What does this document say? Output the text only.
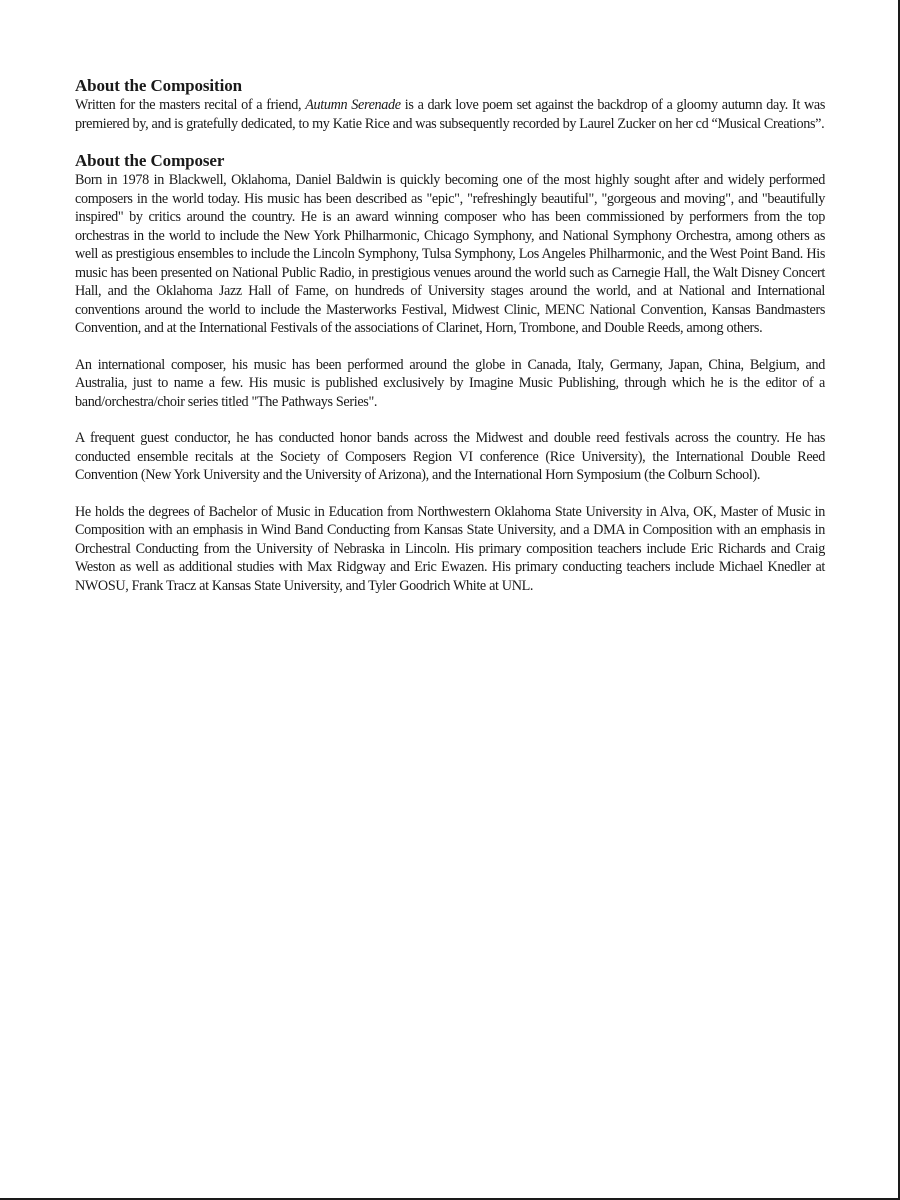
About the Composition

Written for the masters recital of a friend, Autumn Serenade is a dark love poem set against the backdrop of a gloomy autumn day. It was premiered by, and is gratefully dedicated, to my Katie Rice and was subsequently recorded by Laurel Zucker on her cd “Musical Creations”.

About the Composer

Born in 1978 in Blackwell, Oklahoma, Daniel Baldwin is quickly becoming one of the most highly sought after and widely performed composers in the world today. His music has been described as "epic", "refreshingly beautiful", "gorgeous and moving", and "beautifully inspired" by critics around the country. He is an award winning composer who has been commissioned by performers from the top orchestras in the world to include the New York Philharmonic, Chicago Symphony, and National Symphony Orchestra, among others as well as prestigious ensembles to include the Lincoln Symphony, Tulsa Symphony, Los Angeles Philharmonic, and the West Point Band. His music has been presented on National Public Radio, in prestigious venues around the world such as Carnegie Hall, the Walt Disney Concert Hall, and the Oklahoma Jazz Hall of Fame, on hundreds of University stages around the world, and at National and International conventions around the world to include the Masterworks Festival, Midwest Clinic, MENC National Convention, Kansas Bandmasters Convention, and at the International Festivals of the associations of Clarinet, Horn, Trombone, and Double Reeds, among others.

An international composer, his music has been performed around the globe in Canada, Italy, Germany, Japan, China, Belgium, and Australia, just to name a few. His music is published exclusively by Imagine Music Publishing, through which he is the editor of a band/orchestra/choir series titled "The Pathways Series".

A frequent guest conductor, he has conducted honor bands across the Midwest and double reed festivals across the country. He has conducted ensemble recitals at the Society of Composers Region VI conference (Rice University), the International Double Reed Convention (New York University and the University of Arizona), and the International Horn Symposium (the Colburn School).

He holds the degrees of Bachelor of Music in Education from Northwestern Oklahoma State University in Alva, OK, Master of Music in Composition with an emphasis in Wind Band Conducting from Kansas State University, and a DMA in Composition with an emphasis in Orchestral Conducting from the University of Nebraska in Lincoln. His primary composition teachers include Eric Richards and Craig Weston as well as additional studies with Max Ridgway and Eric Ewazen. His primary conducting teachers include Michael Knedler at NWOSU, Frank Tracz at Kansas State University, and Tyler Goodrich White at UNL.
